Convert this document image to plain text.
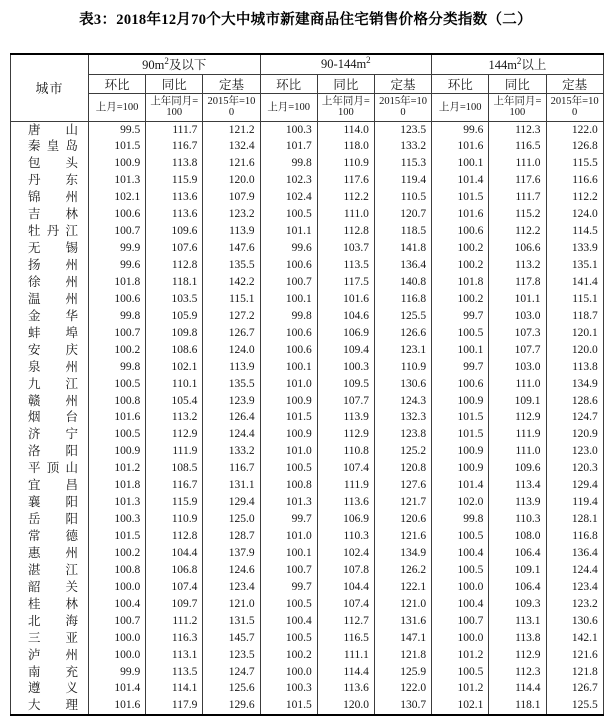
表3：2018年12月70个大中城市新建商品住宅销售价格分类指数（二）
城市	$90m^2$及以下			$90-144m^2$			$144m^2$以上		
	环比	同比	定基	环比	同比	定基	环比	同比	定基
	上月=100	上年同月=100	2015年=100	上月=100	上年同月=100	2015年=100	上月=100	上年同月=100	2015年=100

唐山	99.5	111.7	121.2	100.3	114.0	123.5	99.6	112.3	122.0

秦皇岛	101.5	116.7	132.4	101.7	118.0	133.2	101.6	116.5	126.8

包头	100.9	113.8	121.6	99.8	110.9	115.3	100.1	111.0	115.5

丹东	101.3	115.9	120.0	102.3	117.6	119.4	101.4	117.6	116.6

锦州	102.1	113.6	107.9	102.4	112.2	110.5	101.5	111.7	112.2

吉林	100.6	113.6	123.2	100.5	111.0	120.7	101.6	115.2	124.0

牡丹江	100.7	109.6	113.9	101.1	112.8	118.5	100.6	112.2	114.5

无锡	99.9	107.6	147.6	99.6	103.7	141.8	100.2	106.6	133.9

扬州	99.6	112.8	135.5	100.6	113.5	136.4	100.2	113.2	135.1

徐州	101.8	118.1	142.2	100.7	117.5	140.8	101.8	117.8	141.4

温州	100.6	103.5	115.1	100.1	101.6	116.8	100.2	101.1	115.1

金华	99.8	105.9	127.2	99.8	104.6	125.5	99.7	103.0	118.7

蚌埠	100.7	109.8	126.7	100.6	106.9	126.6	100.5	107.3	120.1

安庆	100.2	108.6	124.0	100.6	109.4	123.1	100.1	107.7	120.0

泉州	99.8	102.1	113.9	100.1	100.3	110.9	99.7	103.0	113.8

九江	100.5	110.1	135.5	101.0	109.5	130.6	100.6	111.0	134.9

赣州	100.8	105.4	123.9	100.9	107.7	124.3	100.9	109.1	128.6

烟台	101.6	113.2	126.4	101.5	113.9	132.3	101.5	112.9	124.7

济宁	100.5	112.9	124.4	100.9	112.9	123.8	101.5	111.9	120.9

洛阳	100.9	111.9	133.2	101.0	110.8	125.2	100.9	111.0	123.0

平顶山	101.2	108.5	116.7	100.5	107.4	120.8	100.9	109.6	120.3

宜昌	101.8	116.7	131.1	100.8	111.9	127.6	101.4	113.4	129.4

襄阳	101.3	115.9	129.4	101.3	113.6	121.7	102.0	113.9	119.4

岳阳	100.3	110.9	125.0	99.7	106.9	120.6	99.8	110.3	128.1

常德	101.5	112.8	128.7	101.0	110.3	121.6	100.5	108.0	116.8

惠州	100.2	104.4	137.9	100.1	102.4	134.9	100.4	106.4	136.4

湛江	100.8	106.8	124.6	100.7	107.8	126.2	100.5	109.1	124.4

韶关	100.0	107.4	123.4	99.7	104.4	122.1	100.0	106.4	123.4

桂林	100.4	109.7	121.0	100.5	107.4	121.0	100.4	109.3	123.2

北海	100.7	111.2	131.5	100.4	112.7	131.6	100.7	113.1	130.6

三亚	100.0	116.3	145.7	100.5	116.5	147.1	100.0	113.8	142.1

泸州	100.0	113.1	123.5	100.2	111.1	121.8	101.2	112.9	121.6

南充	99.9	113.5	124.7	100.0	114.4	125.9	100.5	112.3	121.8

遵义	101.4	114.1	125.6	100.3	113.6	122.0	101.2	114.4	126.7

大理	101.6	117.9	129.6	101.5	120.0	130.7	102.1	118.1	125.5
